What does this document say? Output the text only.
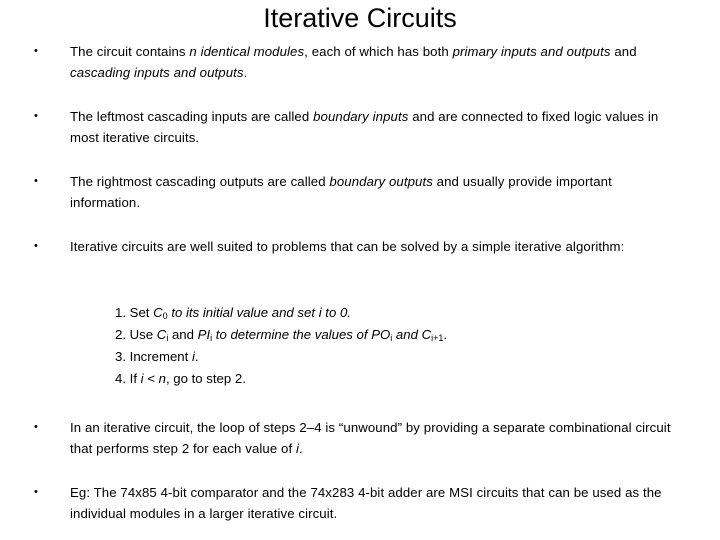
Iterative Circuits
•	The circuit contains n identical modules, each of which has both primary inputs and outputs and cascading inputs and outputs.
•	The leftmost cascading inputs are called boundary inputs and are connected to fixed logic values in most iterative circuits.
•	The rightmost cascading outputs are called boundary outputs and usually provide important information.
•	Iterative circuits are well suited to problems that can be solved by a simple iterative algorithm:
1. Set $C_0$ to its initial value and set i to 0.
2. Use $C_i$ and $PI_i$ to determine the values of $PO_i$ and $C_{i+1}$.
3. Increment i.
4. If i < n, go to step 2.
•	In an iterative circuit, the loop of steps 2–4 is “unwound” by providing a separate combinational circuit that performs step 2 for each value of i.
•	Eg: The 74x85 4-bit comparator and the 74x283 4-bit adder are MSI circuits that can be used as the individual modules in a larger iterative circuit.
